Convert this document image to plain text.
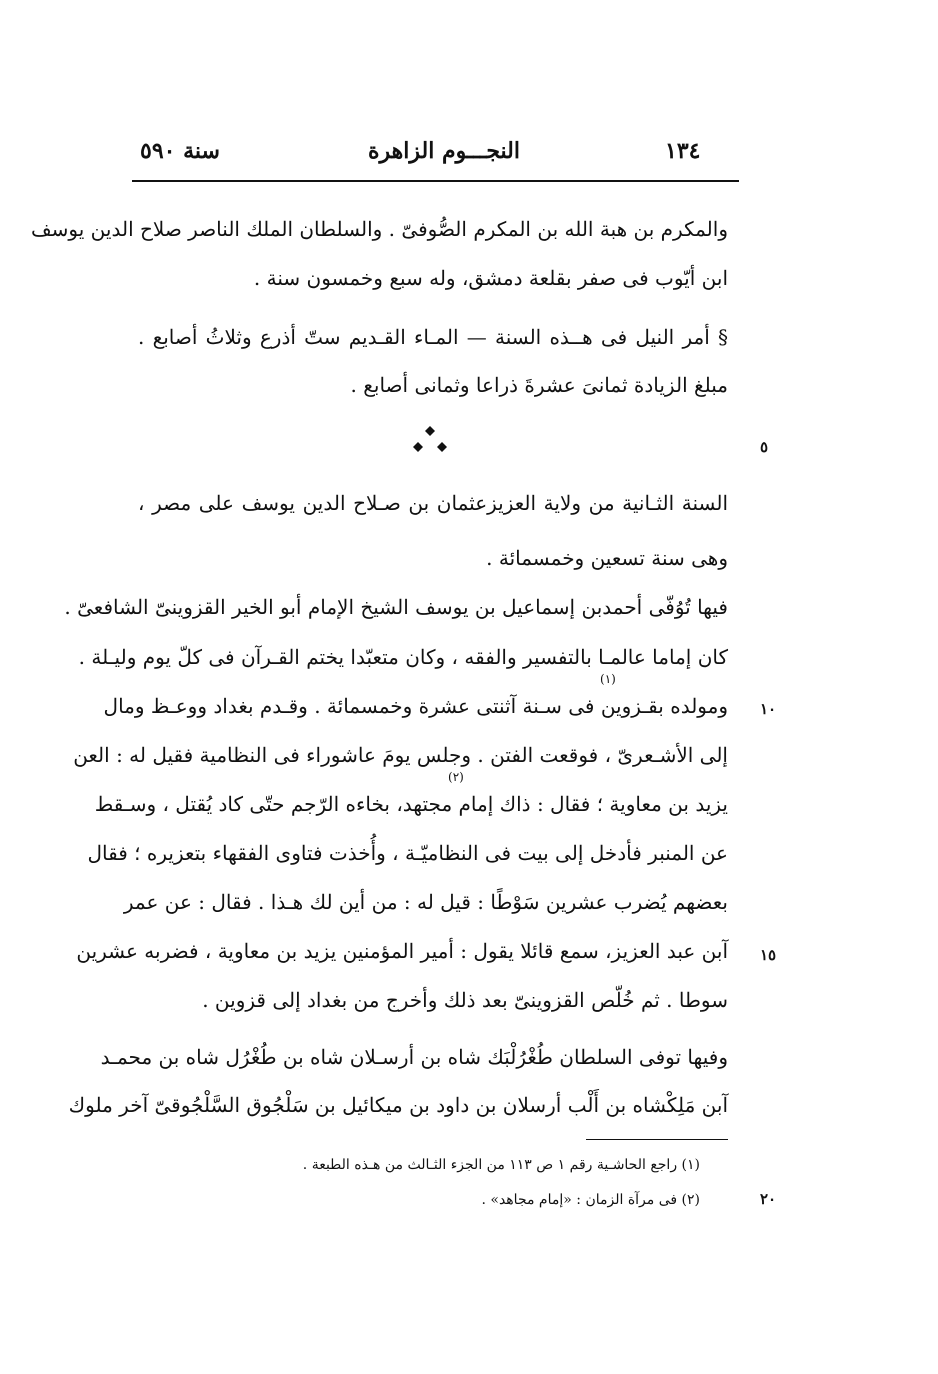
١٣٤
النجـــوم الزاهرة
سنة ٥٩٠
والمكرم بن هبة الله بن المكرم الصُّوفىّ . والسلطان الملك الناصر صلاح الدين يوسف
ابن أيّوب فى صفر بقلعة دمشق، وله سبع وخمسون سنة .
§ أمر النيل فى هــذه السنة — المـاء القـديم ستّ أذرع وثلاثُ أصابع .
مبلغ الزيادة ثمانىَ عشرةَ ذراعا وثمانى أصابع .
السنة الثـانية من ولاية العزيزعثمان بن صـلاح الدين يوسف على مصر ،
وهى سنة تسعين وخمسمائة .
فيها تُوُفّى أحمدبن إسماعيل بن يوسف الشيخ الإمام أبو الخير القزوينىّ الشافعىّ .
كان إماما عالمـا بالتفسير والفقه ، وكان متعبّدا يختم القـرآن فى كلّ يوم وليـلة .
ومولده بقـزوين فى سـنة آثنتى عشرة وخمسمائة . وقـدم بغداد ووعـظ ومال
إلى الأشـعرىّ ، فوقعت الفتن . وجلس يومَ عاشوراء فى النظامية فقيل له : العن
يزيد بن معاوية ؛ فقال : ذاك إمام مجتهد، بخاءه الرّجم حتّى كاد يُقتل ، وسـقط
عن المنبر فأدخل إلى بيت فى النظاميّـة ، وأُخذت فتاوى الفقهاء بتعزيره ؛ فقال
بعضهم يُضرب عشرين سَوْطًا : قيل له : من أين لك هـذا . فقال : عن عمر
آبن عبد العزيز، سمع قائلا يقول : أمير المؤمنين يزيد بن معاوية ، فضربه عشرين
سوطا . ثم خُلّص القزوينىّ بعد ذلك وأخرج من بغداد إلى قزوين .
وفيها توفى السلطان طُغْرُلْبَك شاه بن أرسـلان شاه بن طُغْرُل شاه بن محمـد
آبن مَلِكْشاه بن أَلْب أرسلان بن داود بن ميكائيل بن سَلْجُوق السَّلْجُوقىّ آخر ملوك
(١)
(٢)
(١) راجع الحاشـية رقم ١ ص ١١٣ من الجزء الثـالث من هـذه الطبعة .
(٢) فى مرآة الزمان : «إمام مجاهد» .
٥
١٠
١٥
٢٠
